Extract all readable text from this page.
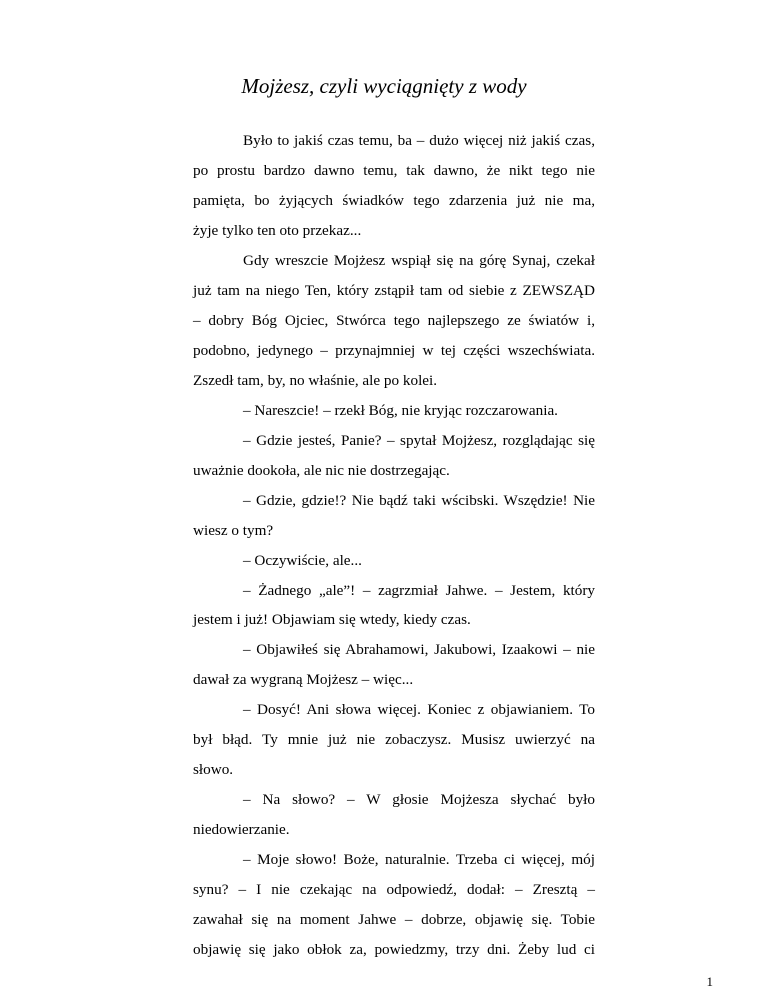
Mojżesz, czyli wyciągnięty z wody

Było to jakiś czas temu, ba – dużo więcej niż jakiś czas,

po prostu bardzo dawno temu, tak dawno, że nikt tego nie

pamięta, bo żyjących świadków tego zdarzenia już nie ma,

żyje tylko ten oto przekaz...

Gdy wreszcie Mojżesz wspiął się na górę Synaj, czekał

już tam na niego Ten, który zstąpił tam od siebie z ZEWSZĄD

– dobry Bóg Ojciec, Stwórca tego najlepszego ze światów i,

podobno, jedynego – przynajmniej w tej części wszechświata.

Zszedł tam, by, no właśnie, ale po kolei.

– Nareszcie! – rzekł Bóg, nie kryjąc rozczarowania.

– Gdzie jesteś, Panie? – spytał Mojżesz, rozglądając się

uważnie dookoła, ale nic nie dostrzegając.

– Gdzie, gdzie!? Nie bądź taki wścibski. Wszędzie! Nie

wiesz o tym?

– Oczywiście, ale...

– Żadnego „ale”! – zagrzmiał Jahwe. – Jestem, który

jestem i już! Objawiam się wtedy, kiedy czas.

– Objawiłeś się Abrahamowi, Jakubowi, Izaakowi – nie

dawał za wygraną Mojżesz – więc...

– Dosyć! Ani słowa więcej. Koniec z objawianiem. To

był błąd. Ty mnie już nie zobaczysz. Musisz uwierzyć na

słowo.

– Na słowo? – W głosie Mojżesza słychać było

niedowierzanie.

– Moje słowo! Boże, naturalnie. Trzeba ci więcej, mój

synu? – I nie czekając na odpowiedź, dodał: – Zresztą –

zawahał się na moment Jahwe – dobrze, objawię się. Tobie

objawię się jako obłok za, powiedzmy, trzy dni. Żeby lud ci

1
